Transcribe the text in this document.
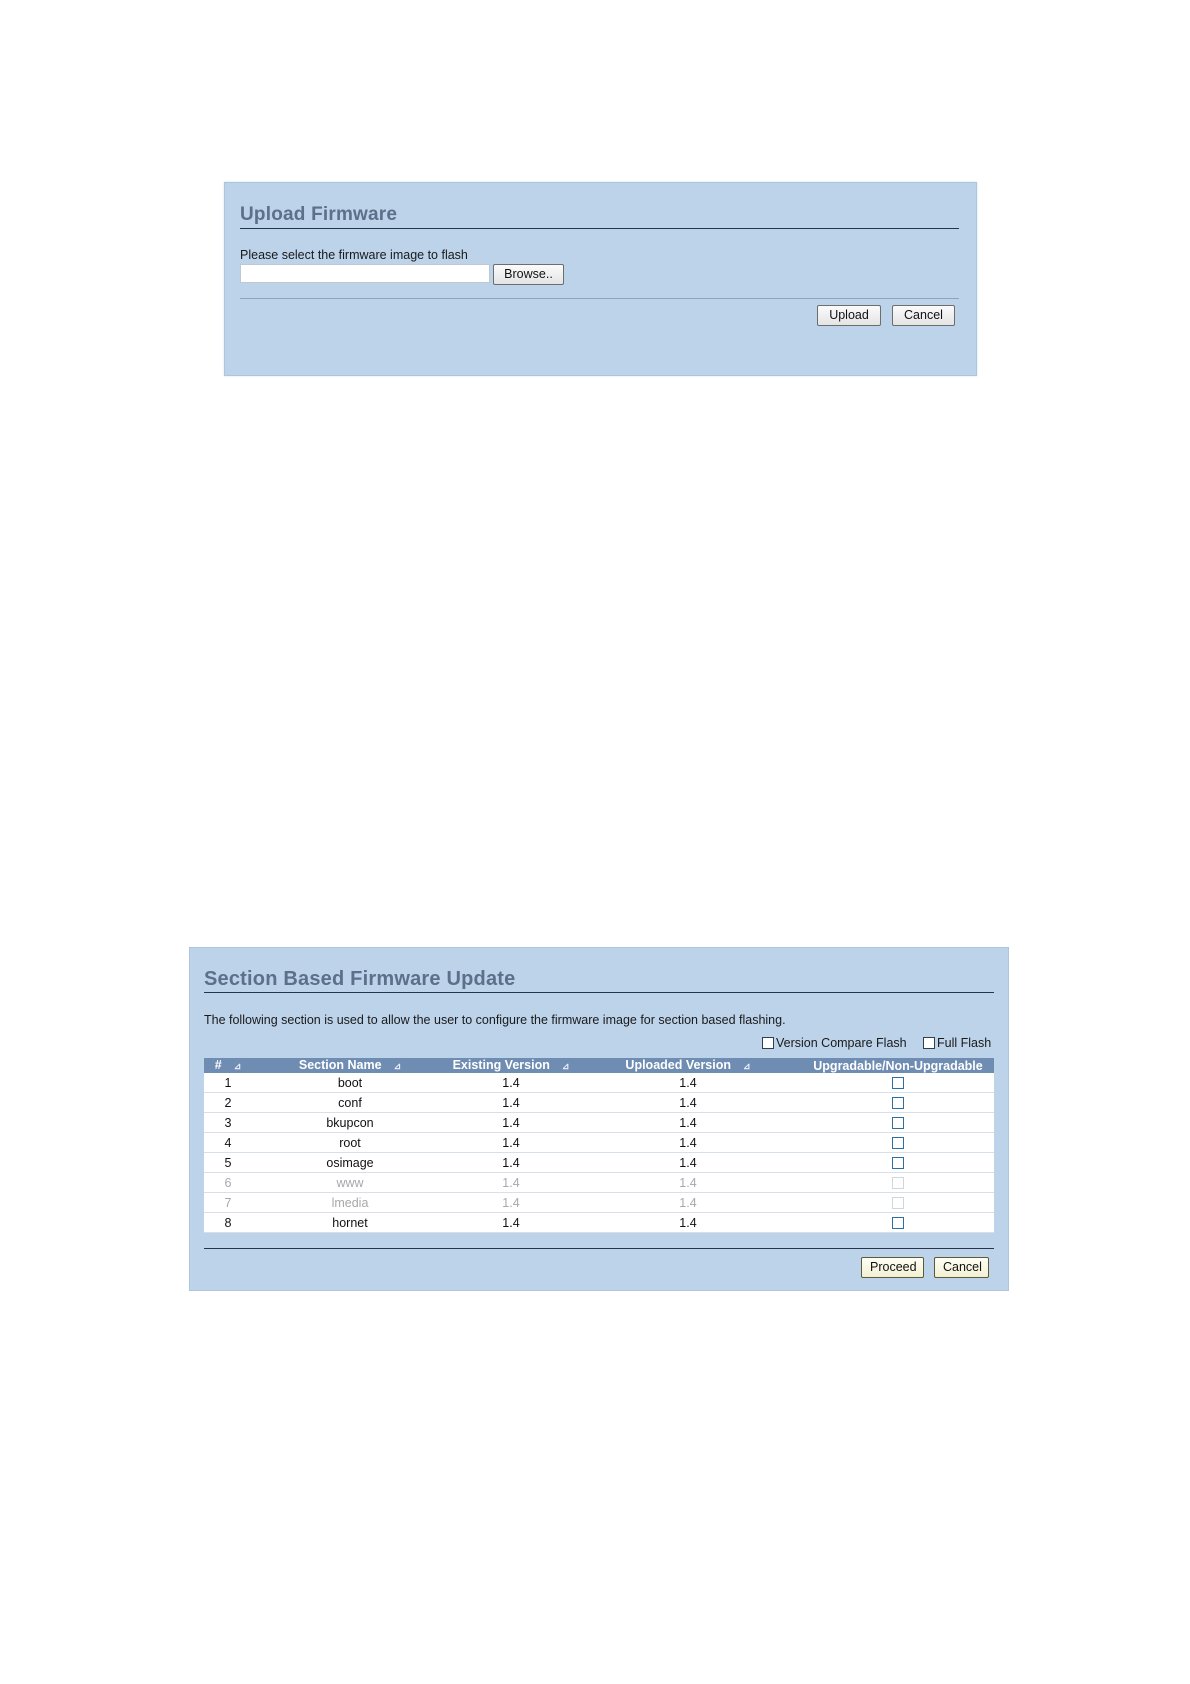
Upload Firmware
Please select the firmware image to flash
Browse..
Upload	Cancel
Section Based Firmware Update
The following section is used to allow the user to configure the firmware image for section based flashing.
Version Compare Flash Full Flash
# ⊿	Section Name ⊿	Existing Version ⊿	Uploaded Version ⊿	Upgradable/Non-Upgradable
1	boot	1.4	1.4	
2	conf	1.4	1.4	
3	bkupcon	1.4	1.4	
4	root	1.4	1.4	
5	osimage	1.4	1.4	
6	www	1.4	1.4	
7	lmedia	1.4	1.4	
8	hornet	1.4	1.4	
Proceed	Cancel
